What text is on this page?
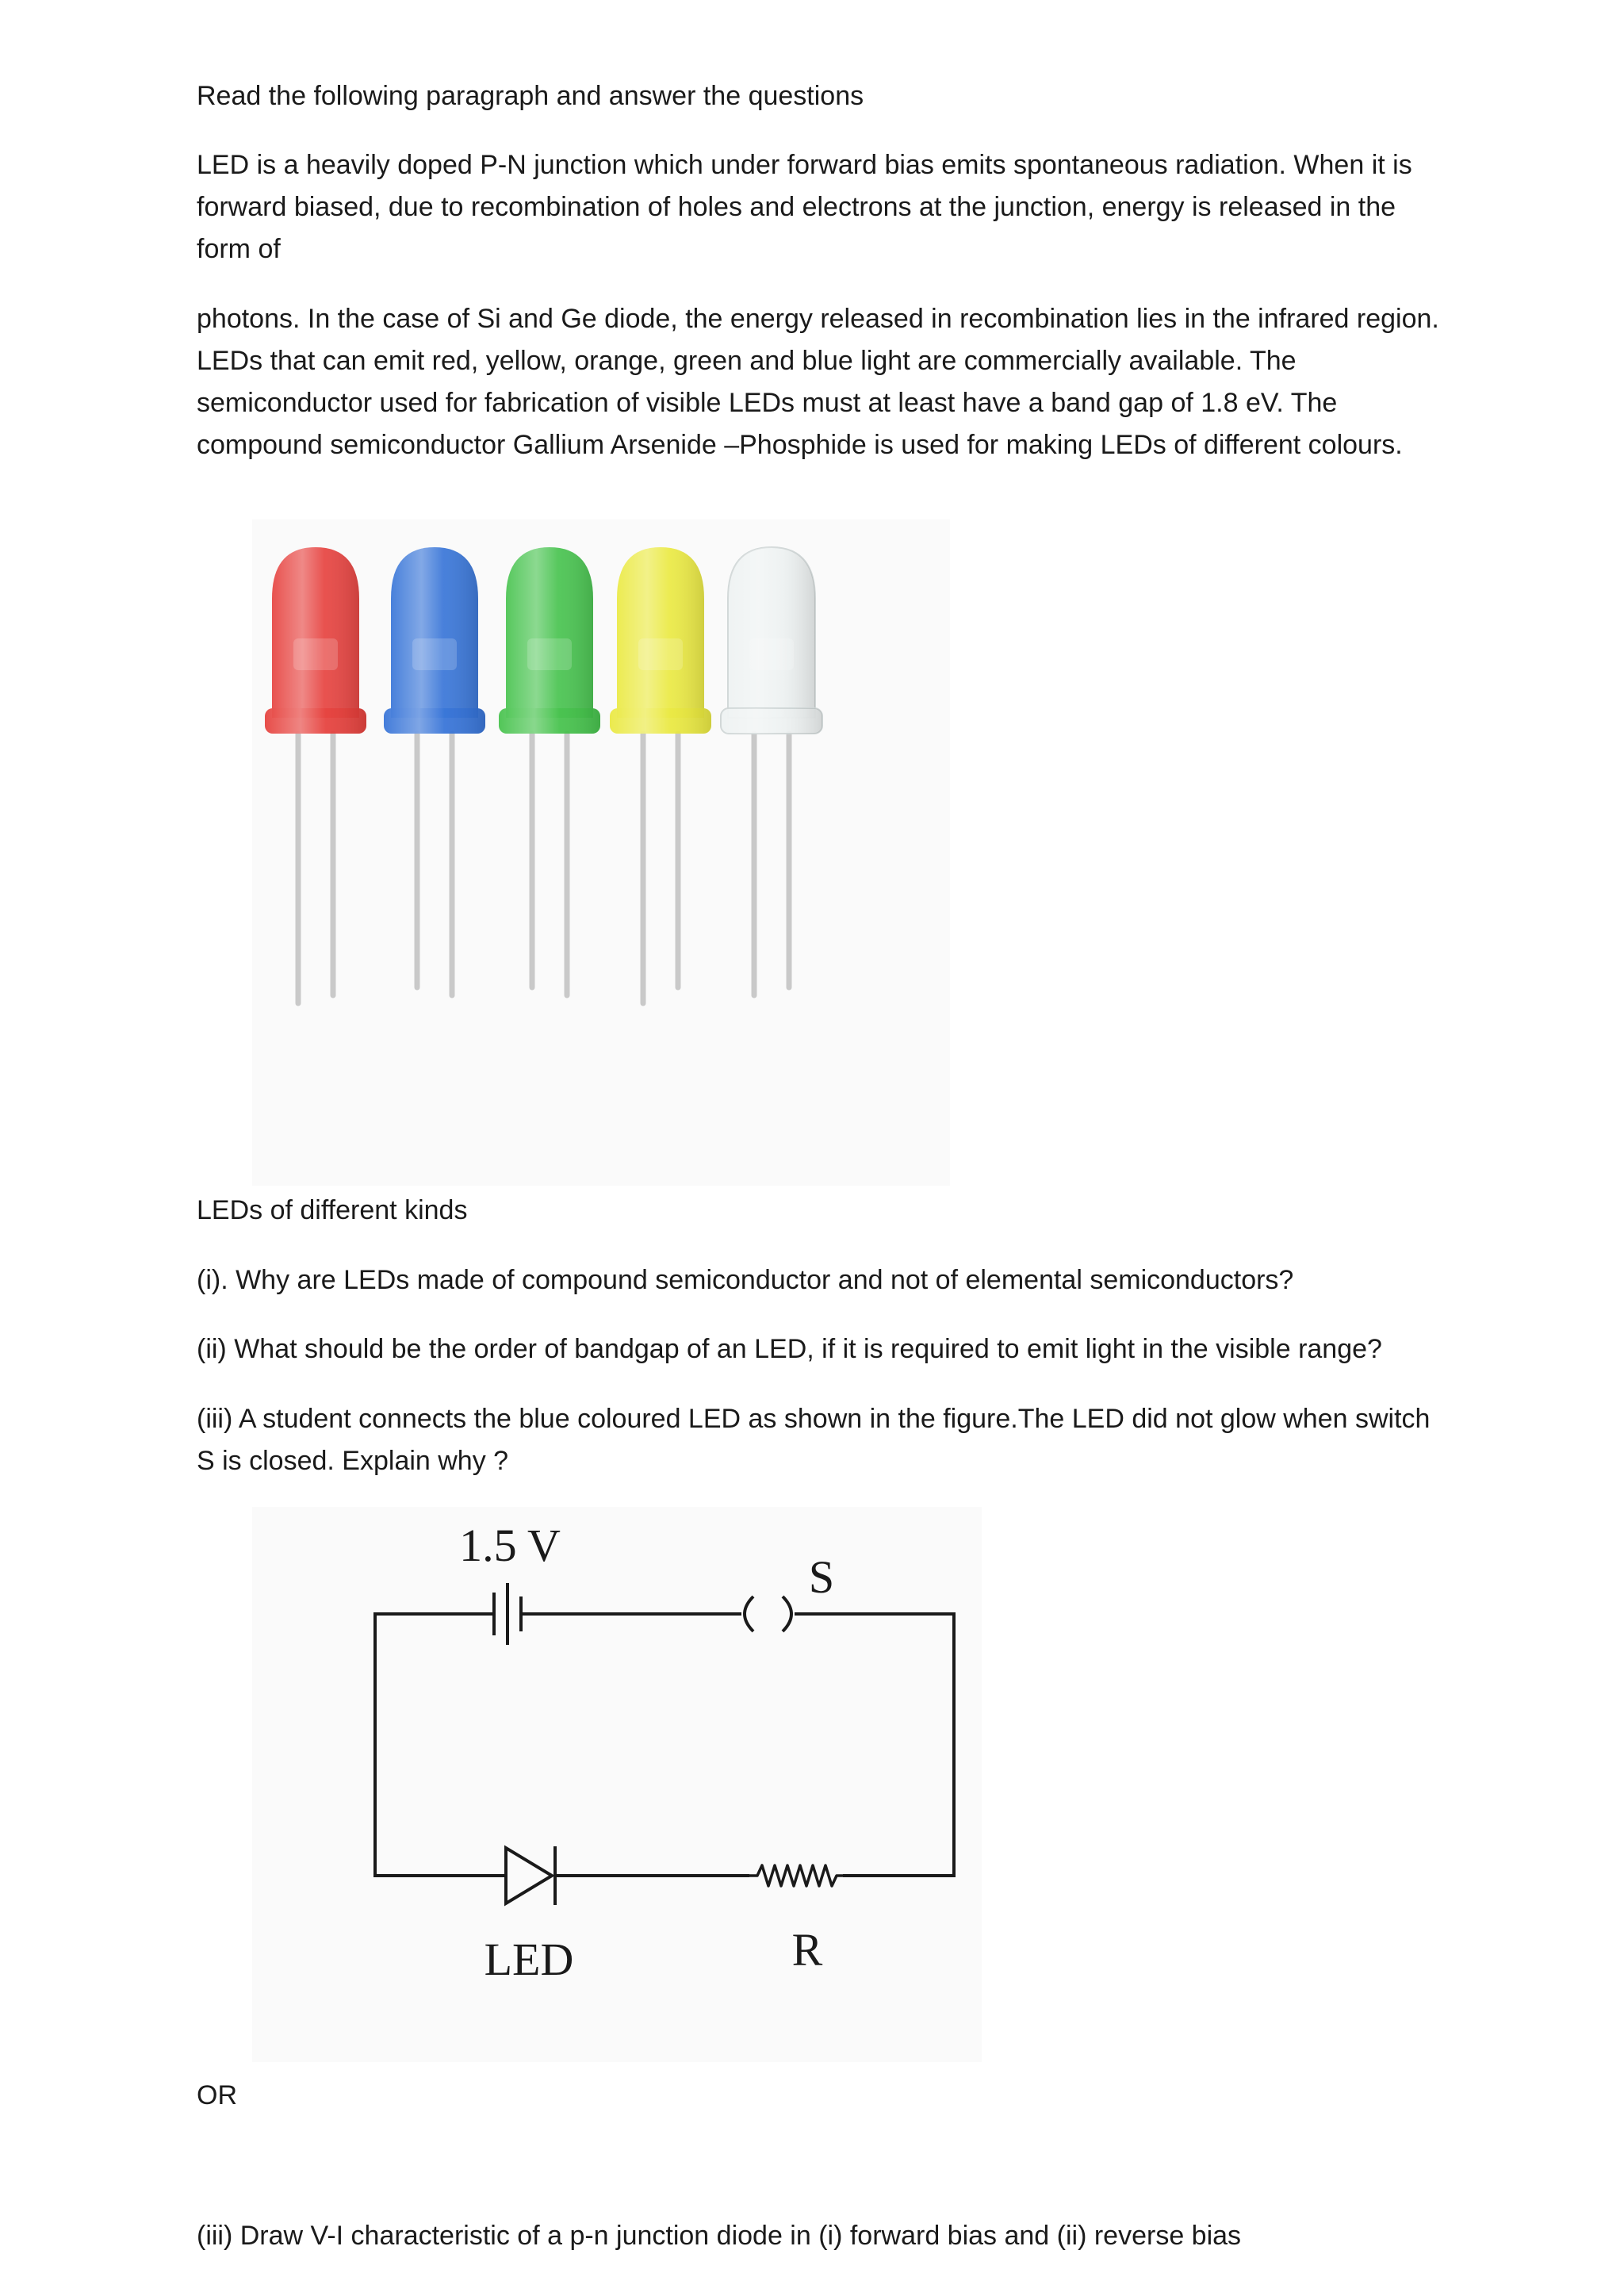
Read the following paragraph and answer the questions

LED is a heavily doped P-N junction which under forward bias emits spontaneous radiation. When it is forward biased, due to recombination of holes and electrons at the junction, energy is released in the form of

photons. In the case of Si and Ge diode, the energy released in recombination lies in the infrared region. LEDs that can emit red, yellow, orange, green and blue light are commercially available. The semiconductor used for fabrication of visible LEDs must at least have a band gap of 1.8 eV. The compound semiconductor Gallium Arsenide –Phosphide is used for making LEDs of different colours.

LEDs of different kinds

(i). Why are LEDs made of compound semiconductor and not of elemental semiconductors?

(ii) What should be the order of bandgap of an LED, if it is required to emit light in the visible range?

(iii) A student connects the blue coloured LED as shown in the figure.The LED did not glow when switch S is closed. Explain why ?

1.5 V
S
LED	R

OR

(iii) Draw V-I characteristic of a p-n junction diode in (i) forward bias and (ii) reverse bias
